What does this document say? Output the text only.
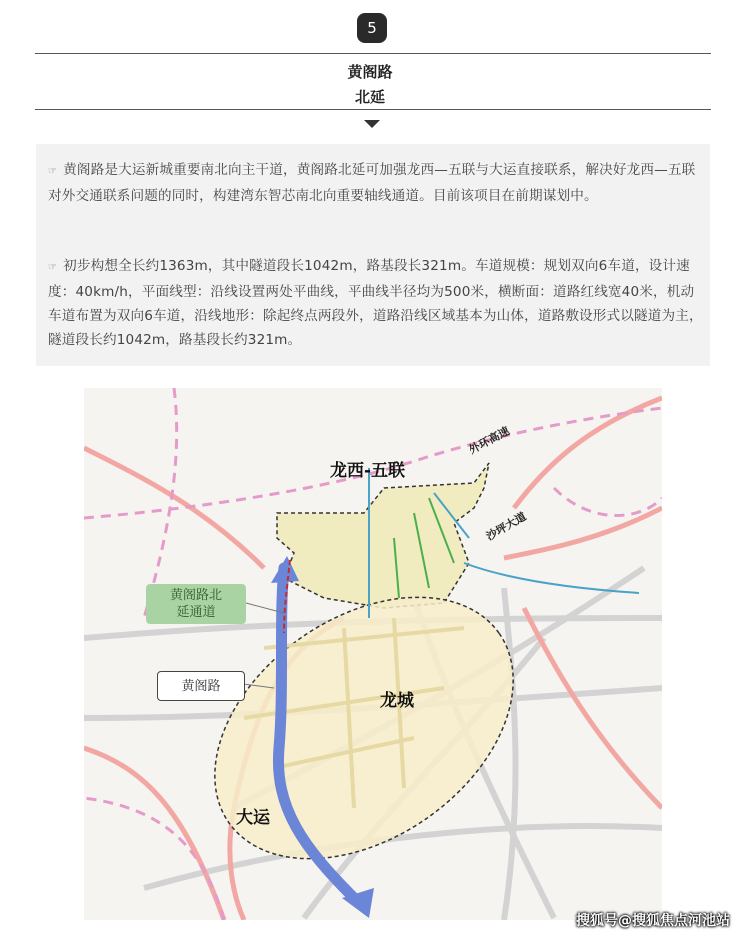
5
黄阁路
北延
☞ 黄阁路是大运新城重要南北向主干道，黄阁路北延可加强龙西—五联与大运直接联系，解决好龙西—五联对外交通联系问题的同时，构建湾东智芯南北向重要轴线通道。目前该项目在前期谋划中。
☞ 初步构想全长约1363m，其中隧道段长1042m，路基段长321m。车道规模：规划双向6车道，设计速度：40km/h，平面线型：沿线设置两处平曲线，平曲线半径均为500米，横断面：道路红线宽40米，机动车道布置为双向6车道，沿线地形：除起终点两段外，道路沿线区域基本为山体，道路敷设形式以隧道为主，隧道段长约1042m，路基段长约321m。
龙西-五联
外环高速
沙坪大道
龙城
大运
黄阁路北
延通道
黄阁路
搜狐号@搜狐焦点河池站
